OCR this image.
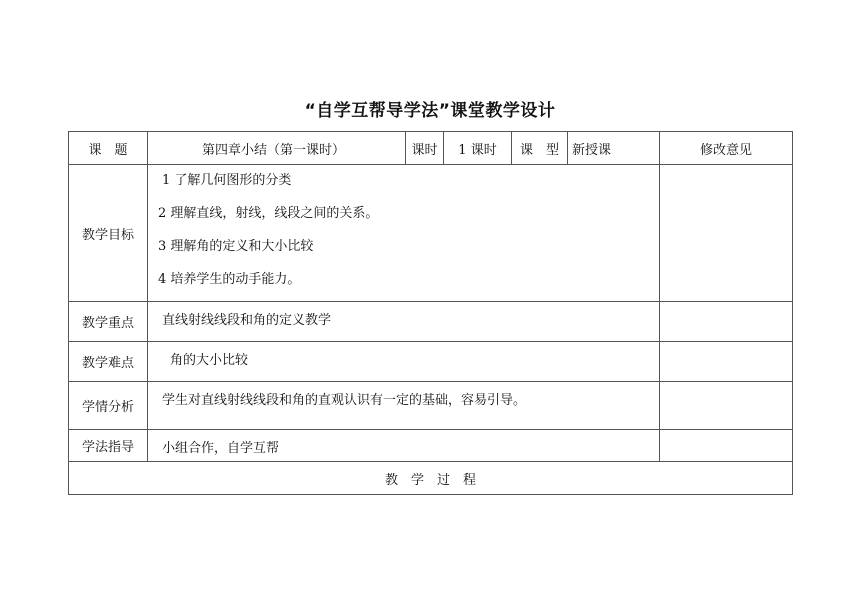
“自学互帮导学法”课堂教学设计
课　题	第四章小结（第一课时）	课时	1 课时	课　型	新授课	修改意见
教学目标	1 了解几何图形的分类
2 理解直线，射线，线段之间的关系。
3 理解角的定义和大小比较
4 培养学生的动手能力。					

教学重点	直线射线线段和角的定义教学					
教学难点	角的大小比较					
学情分析	学生对直线射线线段和角的直观认识有一定的基础，容易引导。					
学法指导	小组合作，自学互帮					
教　学　过　程						
